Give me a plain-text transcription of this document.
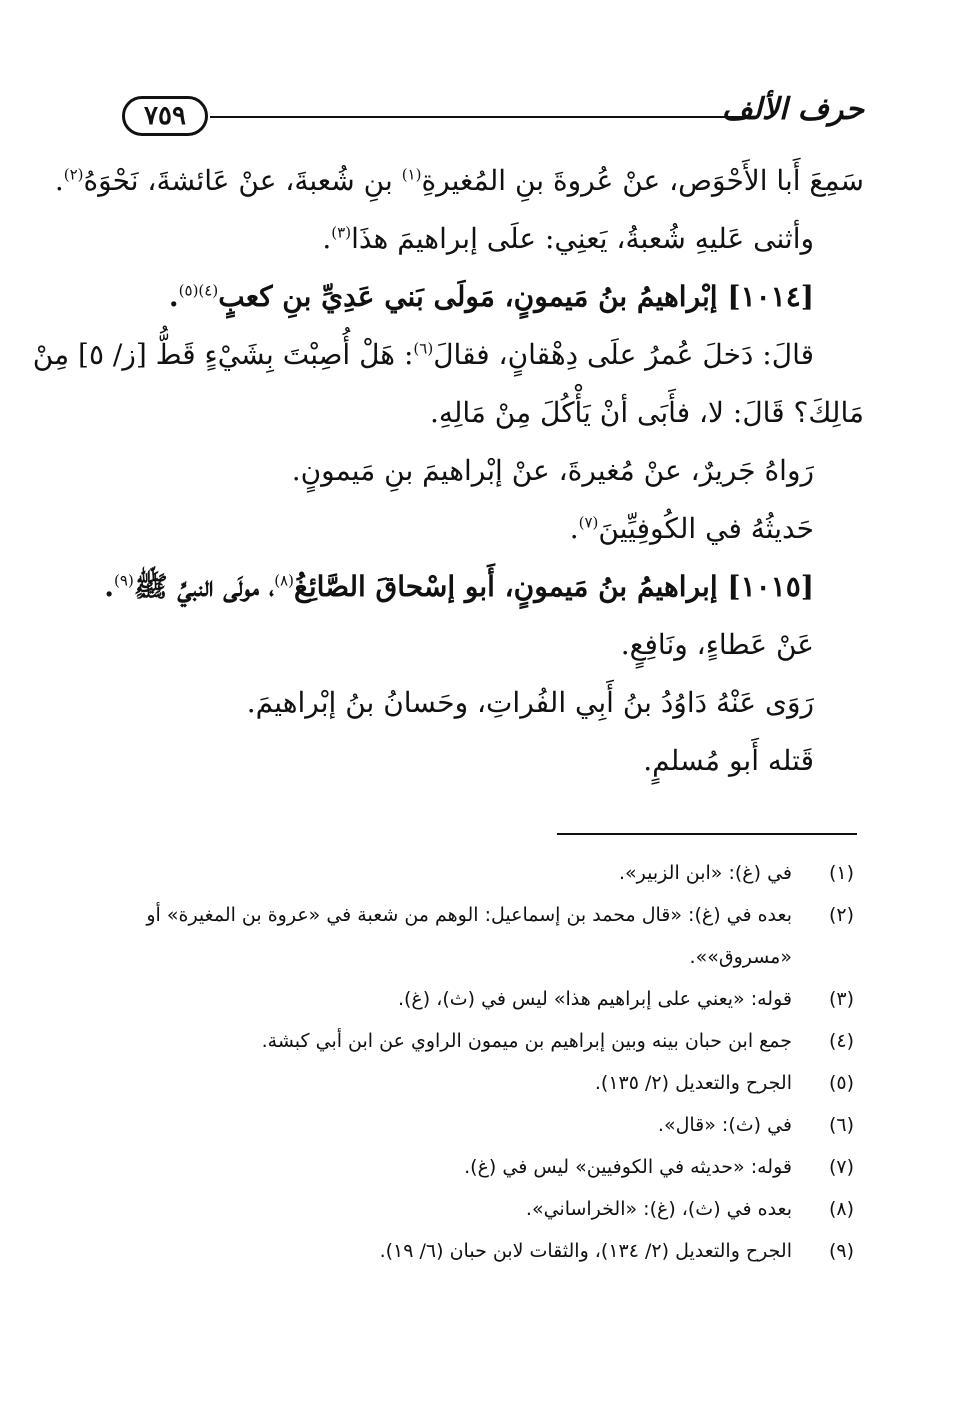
٧٥٩	حرف الألف
سَمِعَ أَبا الأَحْوَص، عنْ عُروةَ بنِ المُغيرةِ$^{(١)}$ بنِ شُعبةَ، عنْ عَائشةَ، نَحْوَهُ$^{(٢)}$.
وأثنى عَليهِ شُعبةُ، يَعنِي: علَى إبراهيمَ هذَا$^{(٣)}$.
[١٠١٤] إبْراهيمُ بنُ مَيمونٍ، مَولَى بَني عَدِيِّ بنِ كعبٍ$^{(٤)(٥)}$.
قالَ: دَخلَ عُمرُ علَى دِهْقانٍ، فقالَ$^{(٦)}$: هَلْ أُصِبْتَ بِشَيْءٍ قَطُّ [ز/ ٥] مِنْ
مَالِكَ؟ قَالَ: لا، فأَبَى أنْ يَأْكُلَ مِنْ مَالِهِ.
رَواهُ جَريرٌ، عنْ مُغيرةَ، عنْ إبْراهيمَ بنِ مَيمونٍ.
حَديثُهُ في الكُوفِيِّينَ$^{(٧)}$.
[١٠١٥] إبراهيمُ بنُ مَيمونٍ، أَبو إسْحاقَ الصَّائِغُ$^{(٨)}$، مولَى النبيِّ ﷺ$^{(٩)}$.
عَنْ عَطاءٍ، ونَافِعٍ.
رَوَى عَنْهُ دَاوُدُ بنُ أَبِي الفُراتِ، وحَسانُ بنُ إبْراهيمَ.
قَتله أَبو مُسلمٍ.
(١)
في (غ): «ابن الزبير».
(٢)
بعده في (غ): «قال محمد بن إسماعيل: الوهم من شعبة في «عروة بن المغيرة» أو «مسروق»».
(٣)
قوله: «يعني على إبراهيم هذا» ليس في (ث)، (غ).
(٤)
جمع ابن حبان بينه وبين إبراهيم بن ميمون الراوي عن ابن أبي كبشة.
(٥)
الجرح والتعديل (٢/ ١٣٥).
(٦)
في (ث): «قال».
(٧)
قوله: «حديثه في الكوفيين» ليس في (غ).
(٨)
بعده في (ث)، (غ): «الخراساني».
(٩)
الجرح والتعديل (٢/ ١٣٤)، والثقات لابن حبان (٦/ ١٩).
